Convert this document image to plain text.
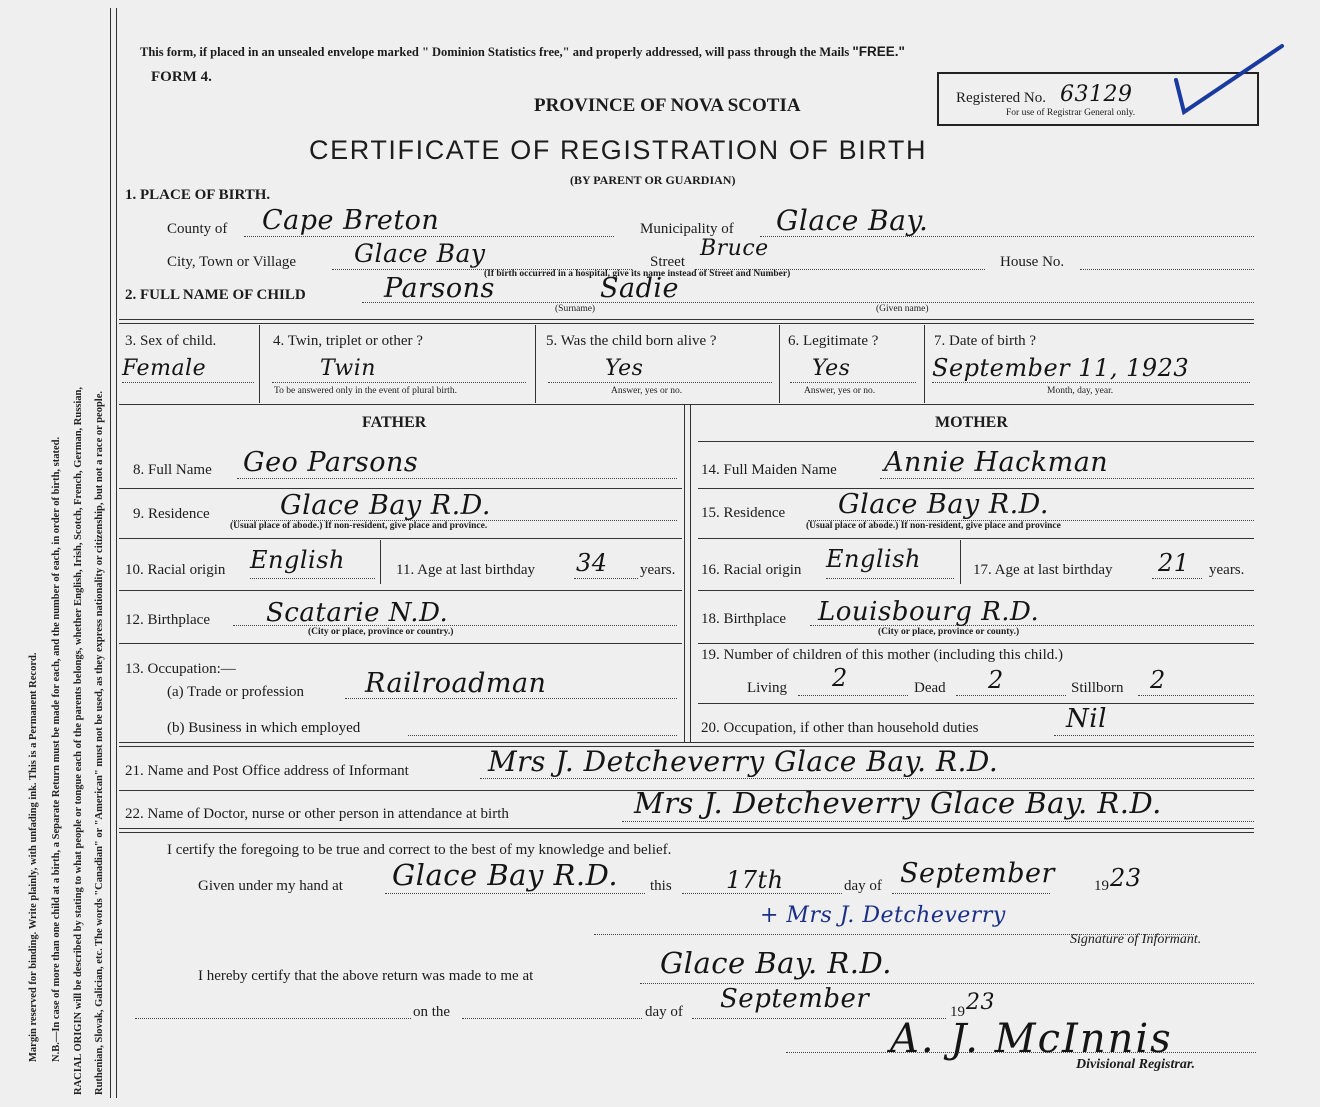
Margin reserved for binding. Write plainly, with unfading ink. This is a Permanent Record. N.B.—In case of more than one child at a birth, a Separate Return must be made for each, and the number of each, in order of birth, stated. RACIAL ORIGIN will be described by stating to what people or tongue each of the parents belongs, whether English, Irish, Scotch, French, German, Russian, Ruthenian, Slovak, Galician, etc. The words "Canadian" or "American" must not be used, as they express nationality or citizenship, but not a race or people.
This form, if placed in an unsealed envelope marked " Dominion Statistics free," and properly addressed, will pass through the Mails "FREE."
FORM 4.
PROVINCE OF NOVA SCOTIA
CERTIFICATE OF REGISTRATION OF BIRTH
(BY PARENT OR GUARDIAN)
Registered No. 63129
For use of Registrar General only.
1. PLACE OF BIRTH.
County of Cape Breton	Municipality of Glace Bay.
City, Town or Village Glace Bay	Street
Bruce
House No.
(If birth occurred in a hospital, give its name instead of Street and Number)
2. FULL NAME OF CHILD	Parsons	Sadie
(Surname)	(Given name)
3. Sex of child.
Female
4. Twin, triplet or other ?
Twin
To be answered only in the event of plural birth.
5. Was the child born alive ?
Yes
Answer, yes or no.
6. Legitimate ?
Yes
Answer, yes or no.
7. Date of birth ?
September 11, 1923
Month, day, year.
FATHER	MOTHER
8. Full Name Geo Parsons
9. Residence	Glace Bay R.D.
(Usual place of abode.) If non-resident, give place and province.
10. Racial origin English	11. Age at last birthday 34 years.
12. Birthplace Scatarie N.D.
(City or place, province or country.)
13. Occupation:—
(a) Trade or profession Railroadman
(b) Business in which employed
14. Full Maiden Name Annie Hackman
15. Residence Glace Bay R.D.
(Usual place of abode.) If non-resident, give place and province
16. Racial origin English	17. Age at last birthday 21 years.
18. Birthplace Louisbourg R.D.
(City or place, province or county.)
19. Number of children of this mother (including this child.)
Living 2	Dead 2	Stillborn 2
20. Occupation, if other than household duties	Nil
21. Name and Post Office address of Informant	Mrs J. Detcheverry Glace Bay. R.D.
22. Name of Doctor, nurse or other person in attendance at birth	Mrs J. Detcheverry Glace Bay. R.D.
I certify the foregoing to be true and correct to the best of my knowledge and belief.
Given under my hand at Glace Bay R.D. this 17th	day of September	19 23
+ Mrs J. Detcheverry
Signature of Informant.
I hereby certify that the above return was made to me at	Glace Bay. R.D.
on the	day of September	19 23
A. J. McInnis
Divisional Registrar.
